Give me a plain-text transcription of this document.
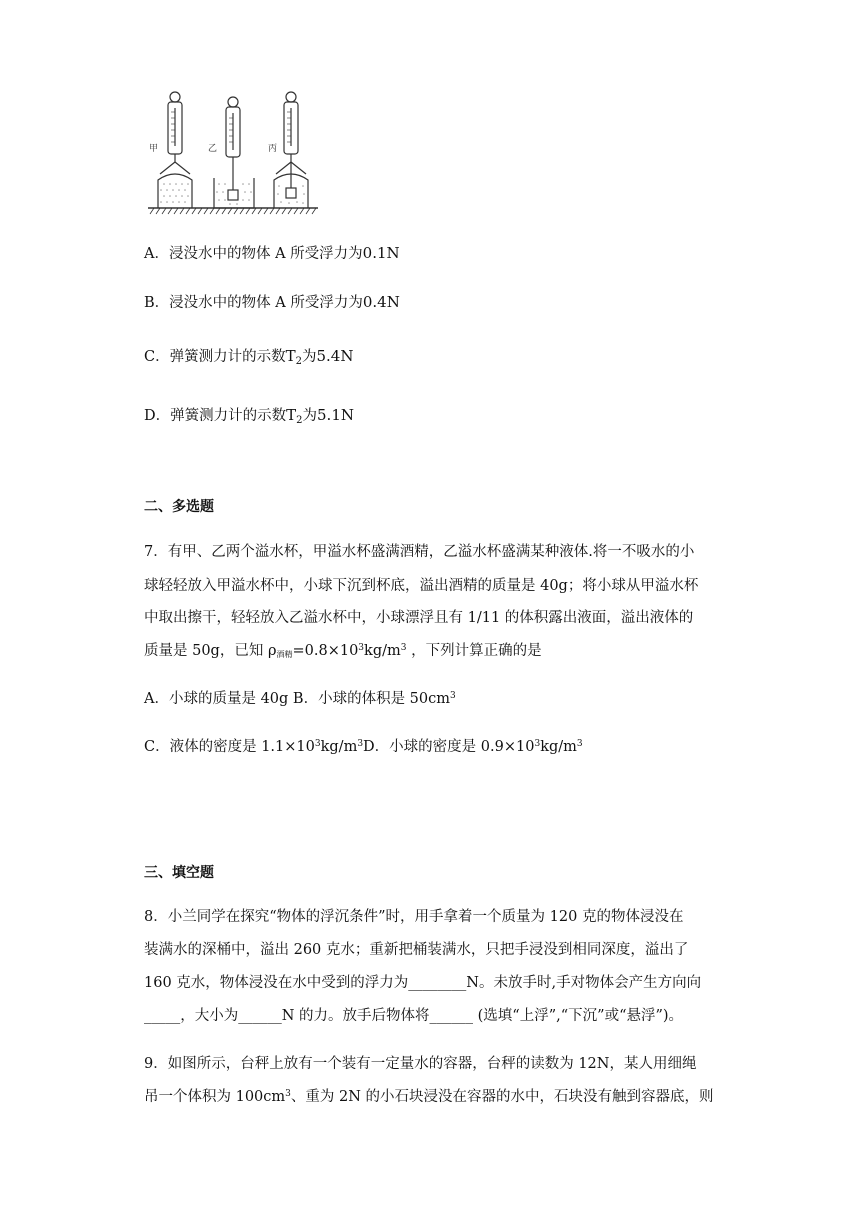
甲	乙	丙
A．浸没水中的物体 A 所受浮力为0.1N
B．浸没水中的物体 A 所受浮力为0.4N
C．弹簧测力计的示数$T_2$为5.4N
D．弹簧测力计的示数$T_2$为5.1N
二、多选题
7．有甲、乙两个溢水杯，甲溢水杯盛满酒精，乙溢水杯盛满某种液体.将一不吸水的小
球轻轻放入甲溢水杯中，小球下沉到杯底，溢出酒精的质量是 40g；将小球从甲溢水杯
中取出擦干，轻轻放入乙溢水杯中，小球漂浮且有 1/11 的体积露出液面，溢出液体的
质量是 50g，已知 $\rho_{酒精}=0.8\times 10^3kg/m^3$ ，下列计算正确的是
A．小球的质量是 40g B．小球的体积是 $50cm^3$
C．液体的密度是 $1.1\times 10^3kg/m^3D$．小球的密度是 $0.9\times 10^3kg/m^3$
三、填空题
8．小兰同学在探究“物体的浮沉条件”时，用手拿着一个质量为 120 克的物体浸没在
装满水的深桶中，溢出 260 克水；重新把桶装满水，只把手浸没到相同深度，溢出了
160 克水，物体浸没在水中受到的浮力为________N。未放手时,手对物体会产生方向向
_____，大小为______N 的力。放手后物体将______ (选填“上浮”,“下沉”或“悬浮”)。
9．如图所示，台秤上放有一个装有一定量水的容器，台秤的读数为 12N，某人用细绳
吊一个体积为 $100cm^3$、重为 2N 的小石块浸没在容器的水中，石块没有触到容器底，则
